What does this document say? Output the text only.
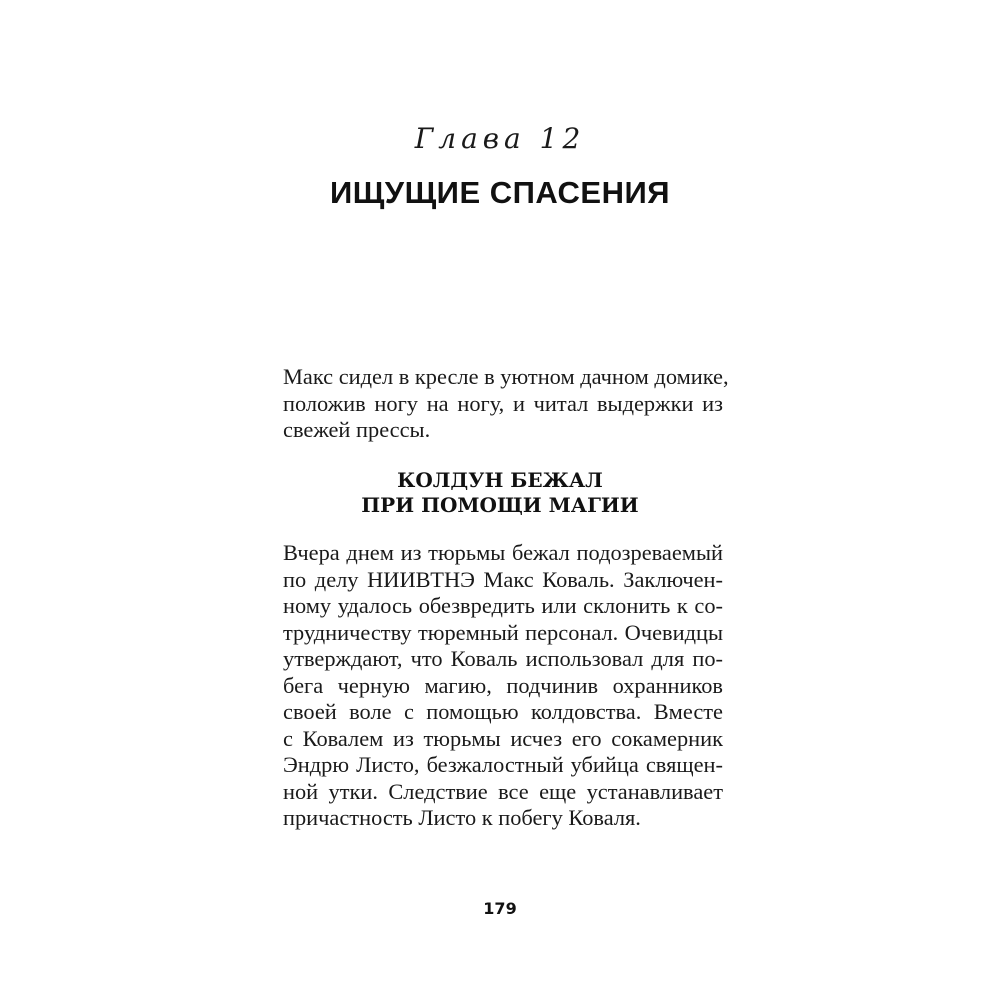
Глава 12
ИЩУЩИЕ СПАСЕНИЯ
Макс сидел в кресле в уютном дачном домике,
положив ногу на ногу, и читал выдержки из
свежей прессы.
КОЛДУН БЕЖАЛ
ПРИ ПОМОЩИ МАГИИ
Вчера днем из тюрьмы бежал подозреваемый
по делу НИИВТНЭ Макс Коваль. Заключен-
ному удалось обезвредить или склонить к со-
трудничеству тюремный персонал. Очевидцы
утверждают, что Коваль использовал для по-
бега черную магию, подчинив охранников
своей воле с помощью колдовства. Вместе
с Ковалем из тюрьмы исчез его сокамерник
Эндрю Листо, безжалостный убийца священ-
ной утки. Следствие все еще устанавливает
причастность Листо к побегу Коваля.
179
